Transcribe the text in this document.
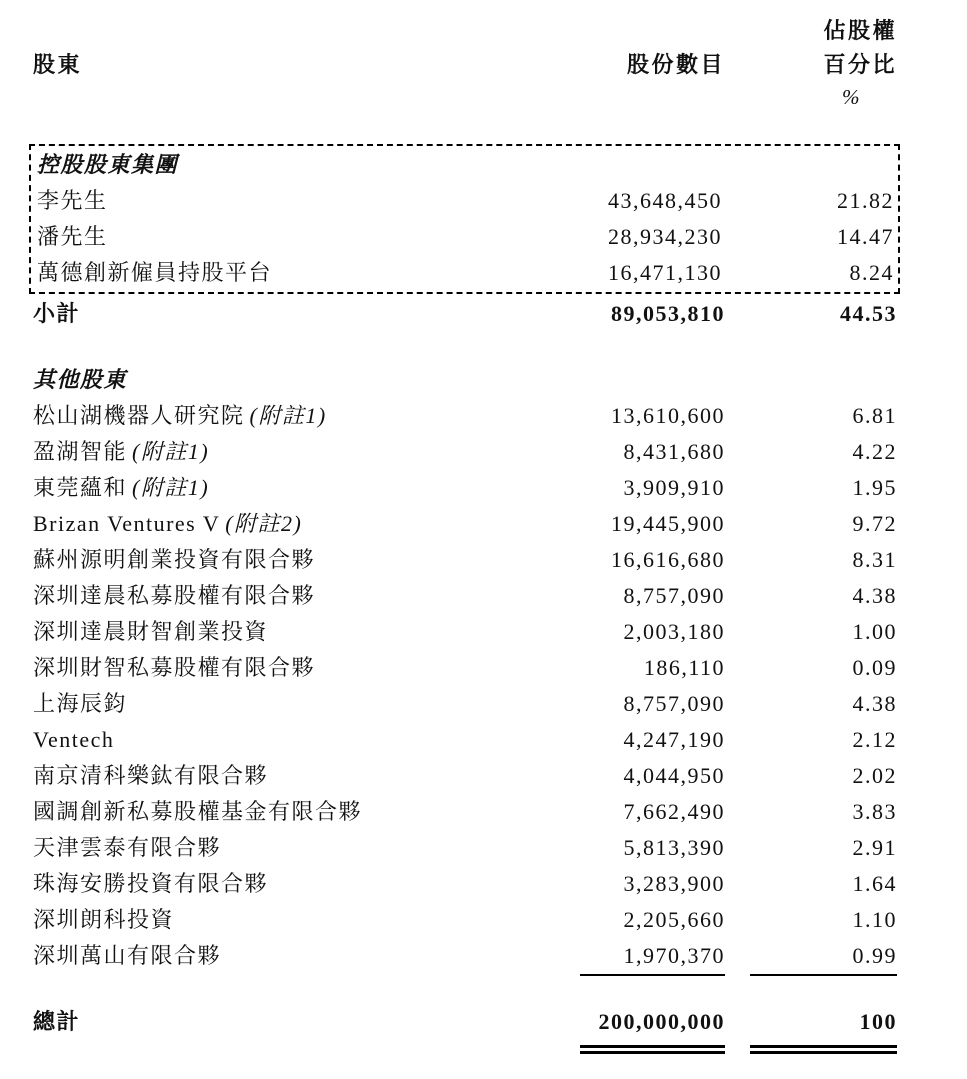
佔股權
股東	股份數目	百分比
%
控股股東集團
李先生	43,648,450	21.82
潘先生	28,934,230	14.47
萬德創新僱員持股平台	16,471,130	8.24
小計	89,053,810	44.53
其他股東
松山湖機器人研究院 (附註1)	13,610,600	6.81
盈湖智能 (附註1)	8,431,680	4.22
東莞蘊和 (附註1)	3,909,910	1.95
Brizan Ventures V (附註2)	19,445,900	9.72
蘇州源明創業投資有限合夥	16,616,680	8.31
深圳達晨私募股權有限合夥	8,757,090	4.38
深圳達晨財智創業投資	2,003,180	1.00
深圳財智私募股權有限合夥	186,110	0.09
上海辰鈞	8,757,090	4.38
Ventech	4,247,190	2.12
南京清科樂鈦有限合夥	4,044,950	2.02
國調創新私募股權基金有限合夥	7,662,490	3.83
天津雲泰有限合夥	5,813,390	2.91
珠海安勝投資有限合夥	3,283,900	1.64
深圳朗科投資	2,205,660	1.10
深圳萬山有限合夥	1,970,370	0.99
總計	200,000,000	100
